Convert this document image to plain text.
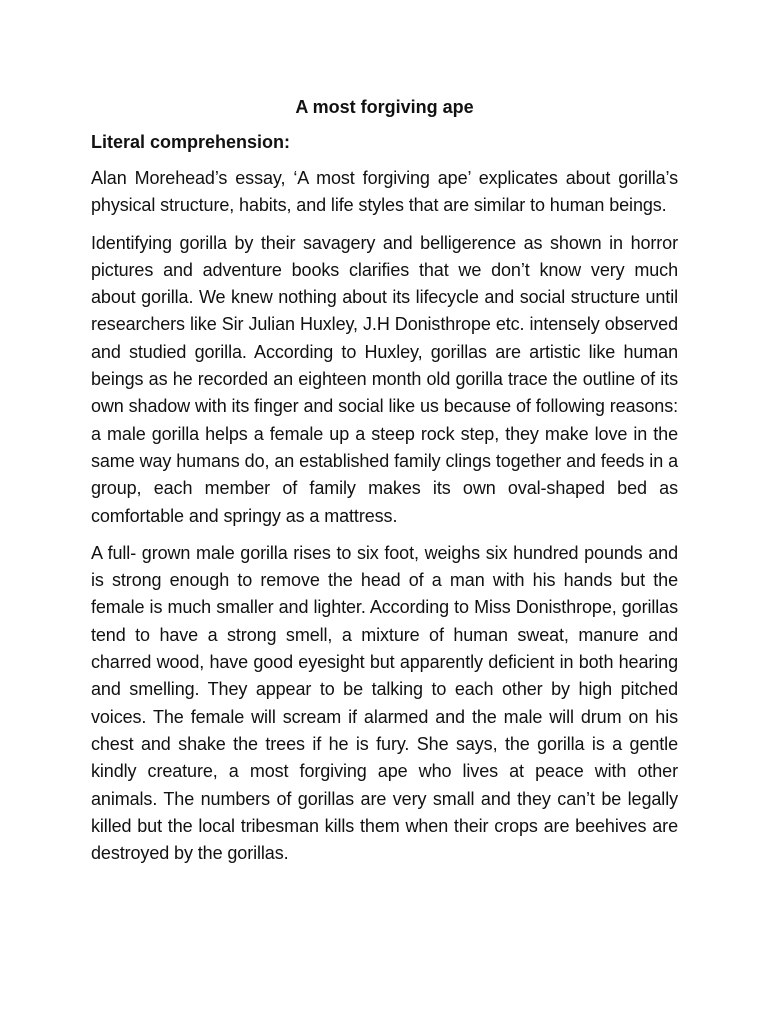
A most forgiving ape
Literal comprehension:

Alan Morehead’s essay, ‘A most forgiving ape’ explicates about gorilla’s physical structure, habits, and life styles that are similar to human beings.

Identifying gorilla by their savagery and belligerence as shown in horror pictures and adventure books clarifies that we don’t know very much about gorilla. We knew nothing about its lifecycle and social structure until researchers like Sir Julian Huxley, J.H Donisthrope etc. intensely observed and studied gorilla. According to Huxley, gorillas are artistic like human beings as he recorded an eighteen month old gorilla trace the outline of its own shadow with its finger and social like us because of following reasons: a male gorilla helps a female up a steep rock step, they make love in the same way humans do, an established family clings together and feeds in a group, each member of family makes its own oval-shaped bed as comfortable and springy as a mattress.

A full- grown male gorilla rises to six foot, weighs six hundred pounds and is strong enough to remove the head of a man with his hands but the female is much smaller and lighter. According to Miss Donisthrope, gorillas tend to have a strong smell, a mixture of human sweat, manure and charred wood, have good eyesight but apparently deficient in both hearing and smelling. They appear to be talking to each other by high pitched voices. The female will scream if alarmed and the male will drum on his chest and shake the trees if he is fury. She says, the gorilla is a gentle kindly creature, a most forgiving ape who lives at peace with other animals. The numbers of gorillas are very small and they can’t be legally killed but the local tribesman kills them when their crops are beehives are destroyed by the gorillas.
